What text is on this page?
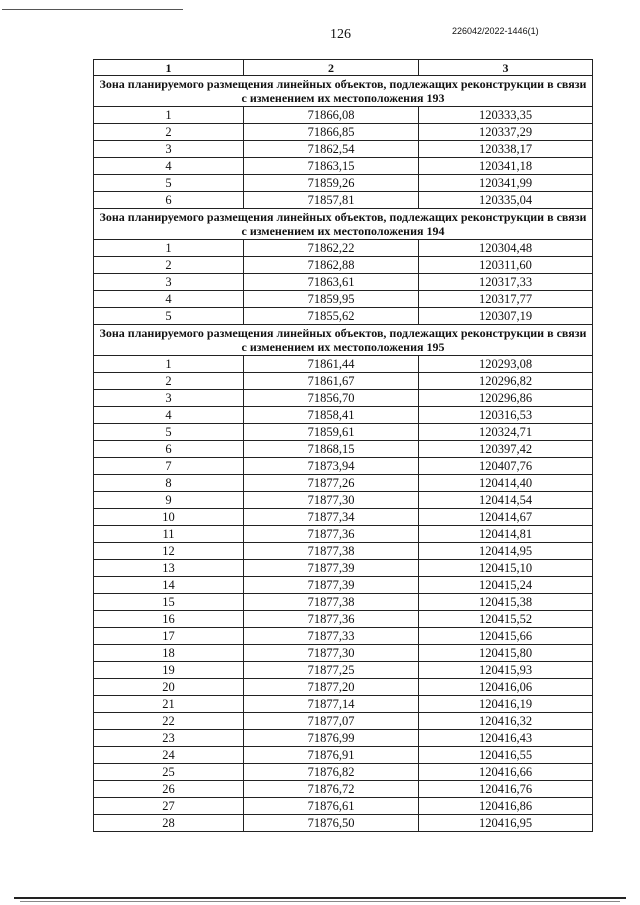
126	226042/2022-1446(1)
1	2	3
Зона планируемого размещения линейных объектов, подлежащих реконструкции в связи с изменением их местоположения 193		
1	71866,08	120333,35
2	71866,85	120337,29
3	71862,54	120338,17
4	71863,15	120341,18
5	71859,26	120341,99
6	71857,81	120335,04
Зона планируемого размещения линейных объектов, подлежащих реконструкции в связи с изменением их местоположения 194		
1	71862,22	120304,48
2	71862,88	120311,60
3	71863,61	120317,33
4	71859,95	120317,77
5	71855,62	120307,19
Зона планируемого размещения линейных объектов, подлежащих реконструкции в связи с изменением их местоположения 195		
1	71861,44	120293,08
2	71861,67	120296,82
3	71856,70	120296,86
4	71858,41	120316,53
5	71859,61	120324,71
6	71868,15	120397,42
7	71873,94	120407,76
8	71877,26	120414,40
9	71877,30	120414,54
10	71877,34	120414,67
11	71877,36	120414,81
12	71877,38	120414,95
13	71877,39	120415,10
14	71877,39	120415,24
15	71877,38	120415,38
16	71877,36	120415,52
17	71877,33	120415,66
18	71877,30	120415,80
19	71877,25	120415,93
20	71877,20	120416,06
21	71877,14	120416,19
22	71877,07	120416,32
23	71876,99	120416,43
24	71876,91	120416,55
25	71876,82	120416,66
26	71876,72	120416,76
27	71876,61	120416,86
28	71876,50	120416,95
